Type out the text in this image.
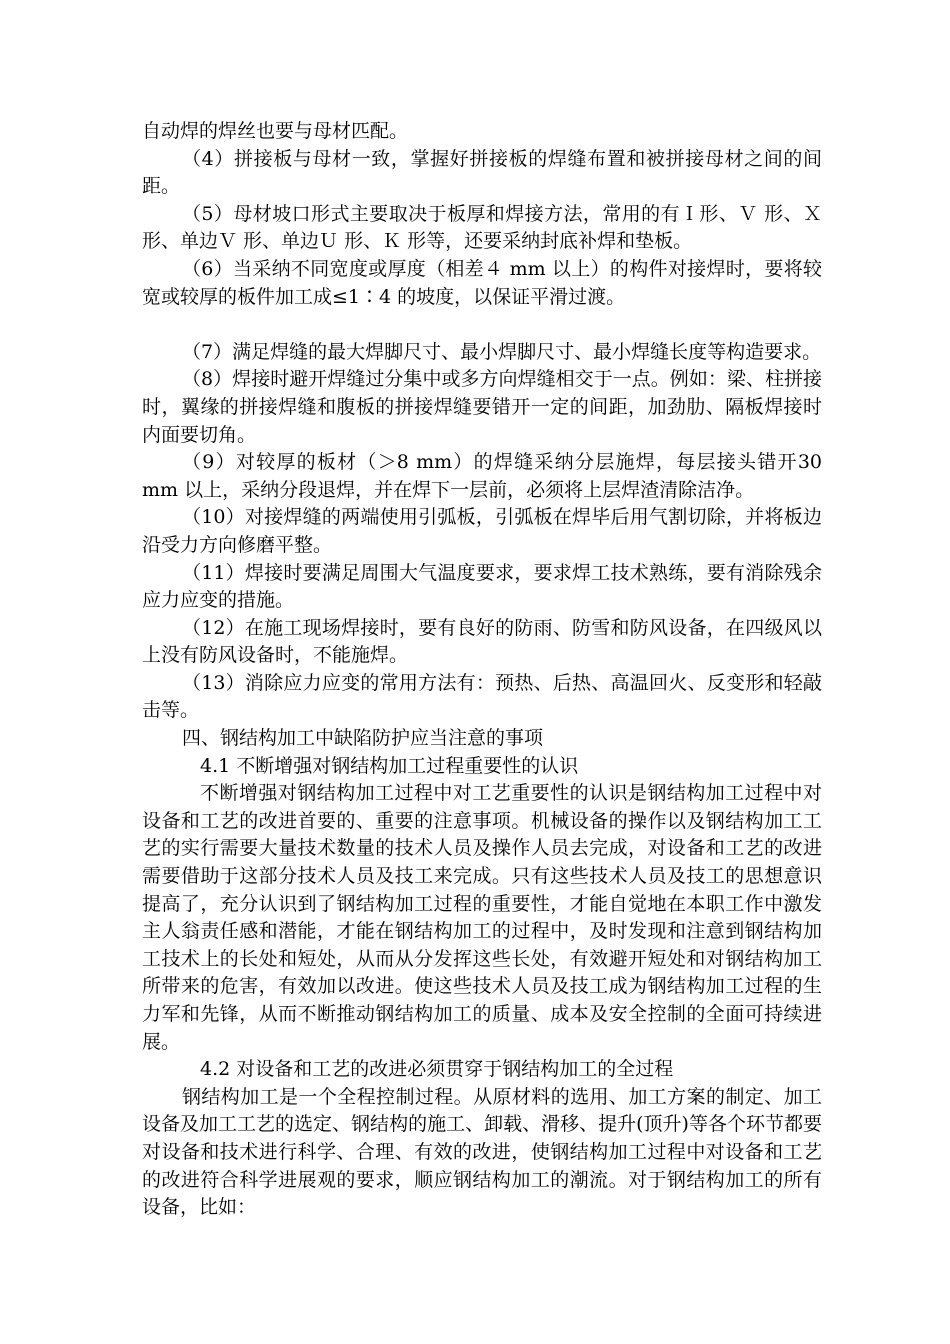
自动焊的焊丝也要与母材匹配。

（4）拼接板与母材一致，掌握好拼接板的焊缝布置和被拼接母材之间的间距。

（5）母材坡口形式主要取决于板厚和焊接方法，常用的有Ｉ形、Ｖ 形、Ｘ 形、单边Ｖ 形、单边Ｕ 形、Ｋ 形等，还要采纳封底补焊和垫板。

（6）当采纳不同宽度或厚度（相差４ mm 以上）的构件对接焊时，要将较宽或较厚的板件加工成≤1∶4 的坡度，以保证平滑过渡。

（7）满足焊缝的最大焊脚尺寸、最小焊脚尺寸、最小焊缝长度等构造要求。

（8）焊接时避开焊缝过分集中或多方向焊缝相交于一点。例如：梁、柱拼接时，翼缘的拼接焊缝和腹板的拼接焊缝要错开一定的间距，加劲肋、隔板焊接时内面要切角。

（9）对较厚的板材（＞8 mm）的焊缝采纳分层施焊，每层接头错开30 mm 以上，采纳分段退焊，并在焊下一层前，必须将上层焊渣清除洁净。

（10）对接焊缝的两端使用引弧板，引弧板在焊毕后用气割切除，并将板边沿受力方向修磨平整。

（11）焊接时要满足周围大气温度要求，要求焊工技术熟练，要有消除残余应力应变的措施。

（12）在施工现场焊接时，要有良好的防雨、防雪和防风设备，在四级风以上没有防风设备时，不能施焊。

（13）消除应力应变的常用方法有：预热、后热、高温回火、反变形和轻敲击等。

四、钢结构加工中缺陷防护应当注意的事项

4.1 不断增强对钢结构加工过程重要性的认识

不断增强对钢结构加工过程中对工艺重要性的认识是钢结构加工过程中对设备和工艺的改进首要的、重要的注意事项。机械设备的操作以及钢结构加工工艺的实行需要大量技术数量的技术人员及操作人员去完成，对设备和工艺的改进需要借助于这部分技术人员及技工来完成。只有这些技术人员及技工的思想意识提高了，充分认识到了钢结构加工过程的重要性，才能自觉地在本职工作中激发主人翁责任感和潜能，才能在钢结构加工的过程中，及时发现和注意到钢结构加工技术上的长处和短处，从而从分发挥这些长处，有效避开短处和对钢结构加工所带来的危害，有效加以改进。使这些技术人员及技工成为钢结构加工过程的生力军和先锋，从而不断推动钢结构加工的质量、成本及安全控制的全面可持续进展。

4.2 对设备和工艺的改进必须贯穿于钢结构加工的全过程

钢结构加工是一个全程控制过程。从原材料的选用、加工方案的制定、加工设备及加工工艺的选定、钢结构的施工、卸载、滑移、提升(顶升)等各个环节都要对设备和技术进行科学、合理、有效的改进，使钢结构加工过程中对设备和工艺的改进符合科学进展观的要求，顺应钢结构加工的潮流。对于钢结构加工的所有设备，比如：
